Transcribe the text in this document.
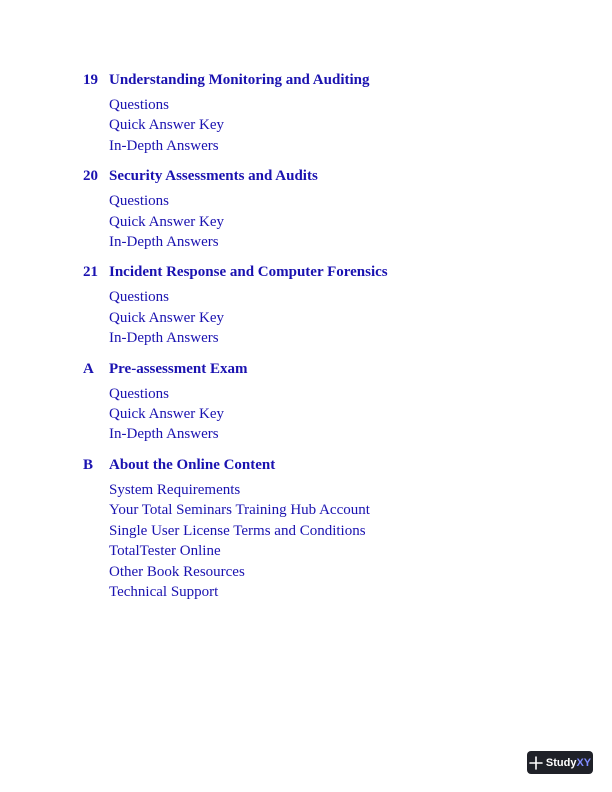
19 Understanding Monitoring and Auditing
Questions
Quick Answer Key
In-Depth Answers
20 Security Assessments and Audits
Questions
Quick Answer Key
In-Depth Answers
21 Incident Response and Computer Forensics
Questions
Quick Answer Key
In-Depth Answers
A	Pre-assessment Exam
Questions
Quick Answer Key
In-Depth Answers
B	About the Online Content
System Requirements
Your Total Seminars Training Hub Account
Single User License Terms and Conditions
TotalTester Online
Other Book Resources
Technical Support
Study XY
